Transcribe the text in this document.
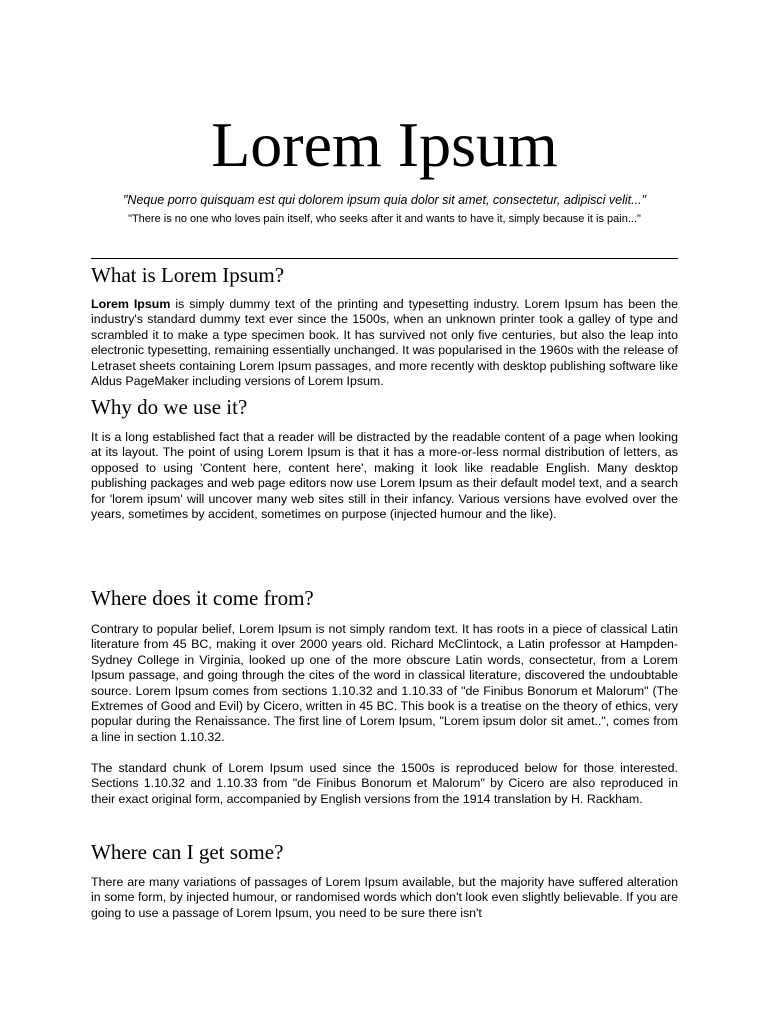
Lorem Ipsum

"Neque porro quisquam est qui dolorem ipsum quia dolor sit amet, consectetur, adipisci velit..."

"There is no one who loves pain itself, who seeks after it and wants to have it, simply because it is pain..."

What is Lorem Ipsum?

Lorem Ipsum is simply dummy text of the printing and typesetting industry. Lorem Ipsum has been the industry's standard dummy text ever since the 1500s, when an unknown printer took a galley of type and scrambled it to make a type specimen book. It has survived not only five centuries, but also the leap into electronic typesetting, remaining essentially unchanged. It was popularised in the 1960s with the release of Letraset sheets containing Lorem Ipsum passages, and more recently with desktop publishing software like Aldus PageMaker including versions of Lorem Ipsum.

Why do we use it?

It is a long established fact that a reader will be distracted by the readable content of a page when looking at its layout. The point of using Lorem Ipsum is that it has a more-or-less normal distribution of letters, as opposed to using 'Content here, content here', making it look like readable English. Many desktop publishing packages and web page editors now use Lorem Ipsum as their default model text, and a search for 'lorem ipsum' will uncover many web sites still in their infancy. Various versions have evolved over the years, sometimes by accident, sometimes on purpose (injected humour and the like).

Where does it come from?

Contrary to popular belief, Lorem Ipsum is not simply random text. It has roots in a piece of classical Latin literature from 45 BC, making it over 2000 years old. Richard McClintock, a Latin professor at Hampden-Sydney College in Virginia, looked up one of the more obscure Latin words, consectetur, from a Lorem Ipsum passage, and going through the cites of the word in classical literature, discovered the undoubtable source. Lorem Ipsum comes from sections 1.10.32 and 1.10.33 of "de Finibus Bonorum et Malorum" (The Extremes of Good and Evil) by Cicero, written in 45 BC. This book is a treatise on the theory of ethics, very popular during the Renaissance. The first line of Lorem Ipsum, "Lorem ipsum dolor sit amet..", comes from a line in section 1.10.32.

The standard chunk of Lorem Ipsum used since the 1500s is reproduced below for those interested. Sections 1.10.32 and 1.10.33 from "de Finibus Bonorum et Malorum" by Cicero are also reproduced in their exact original form, accompanied by English versions from the 1914 translation by H. Rackham.

Where can I get some?

There are many variations of passages of Lorem Ipsum available, but the majority have suffered alteration in some form, by injected humour, or randomised words which don't look even slightly believable. If you are going to use a passage of Lorem Ipsum, you need to be sure there isn't
